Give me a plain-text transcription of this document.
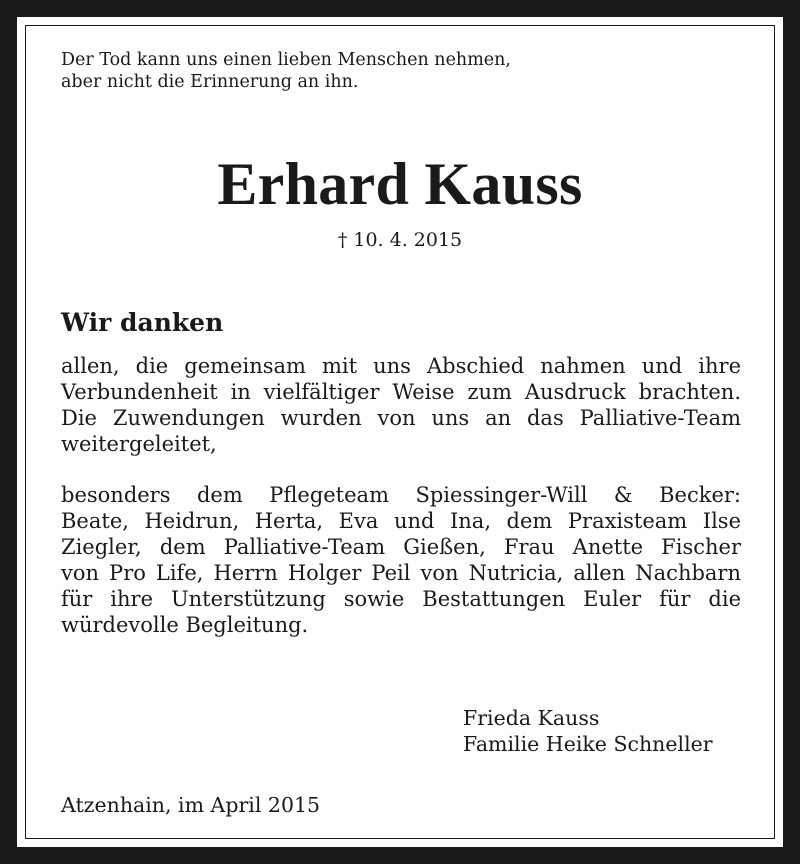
Der Tod kann uns einen lieben Menschen nehmen,
aber nicht die Erinnerung an ihn.
Erhard Kauss
† 10. 4. 2015
Wir danken
allen, die gemeinsam mit uns Abschied nahmen und ihre
Verbundenheit in vielfältiger Weise zum Ausdruck brachten.
Die Zuwendungen wurden von uns an das Palliative-Team
weitergeleitet,
besonders dem Pflegeteam Spiessinger-Will & Becker:
Beate, Heidrun, Herta, Eva und Ina, dem Praxisteam Ilse
Ziegler, dem Palliative-Team Gießen, Frau Anette Fischer
von Pro Life, Herrn Holger Peil von Nutricia, allen Nachbarn
für ihre Unterstützung sowie Bestattungen Euler für die
würdevolle Begleitung.
Frieda Kauss
Familie Heike Schneller
Atzenhain, im April 2015
